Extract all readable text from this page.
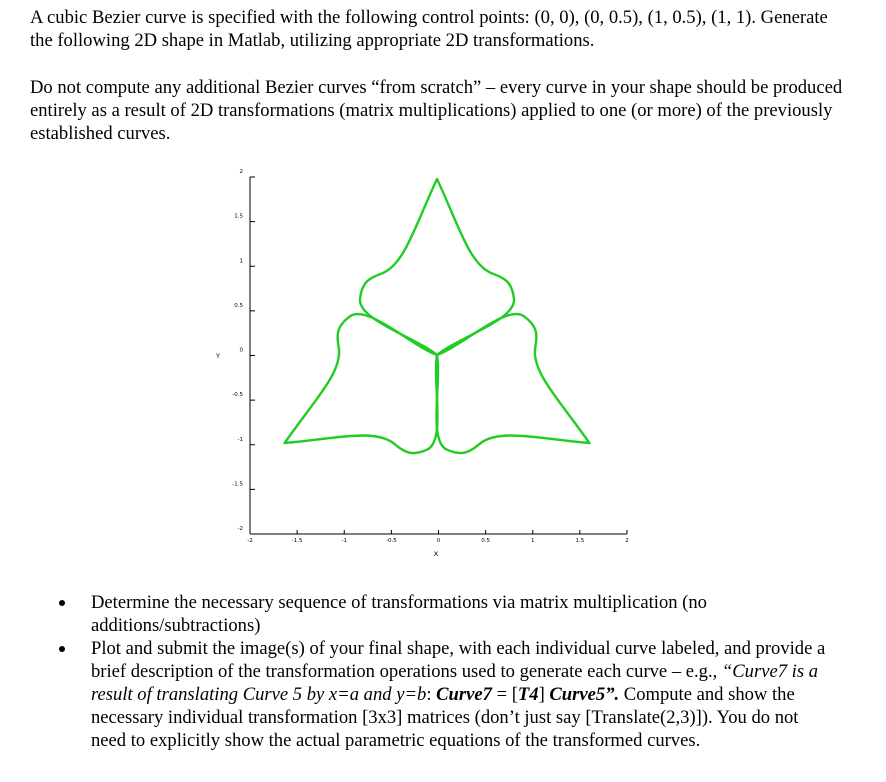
A cubic Bezier curve is specified with the following control points: (0, 0), (0, 0.5), (1, 0.5), (1, 1). Generate the following 2D shape in Matlab, utilizing appropriate 2D transformations.

Do not compute any additional Bezier curves “from scratch” – every curve in your shape should be produced entirely as a result of 2D transformations (matrix multiplications) applied to one (or more) of the previously established curves.

-2	-1.5	-1	-0.5	0	0.5	1	1.5	2
2
1.5
1
0.5
0
-0.5
-1
-1.5
-2
X
Y
Determine the necessary sequence of transformations via matrix multiplication (no additions/subtractions)
Plot and submit the image(s) of your final shape, with each individual curve labeled, and provide a brief description of the transformation operations used to generate each curve – e.g., “Curve7 is a result of translating Curve 5 by x=a and y=b: Curve7 = [T4] Curve5”. Compute and show the necessary individual transformation [3x3] matrices (don’t just say [Translate(2,3)]). You do not need to explicitly show the actual parametric equations of the transformed curves.
